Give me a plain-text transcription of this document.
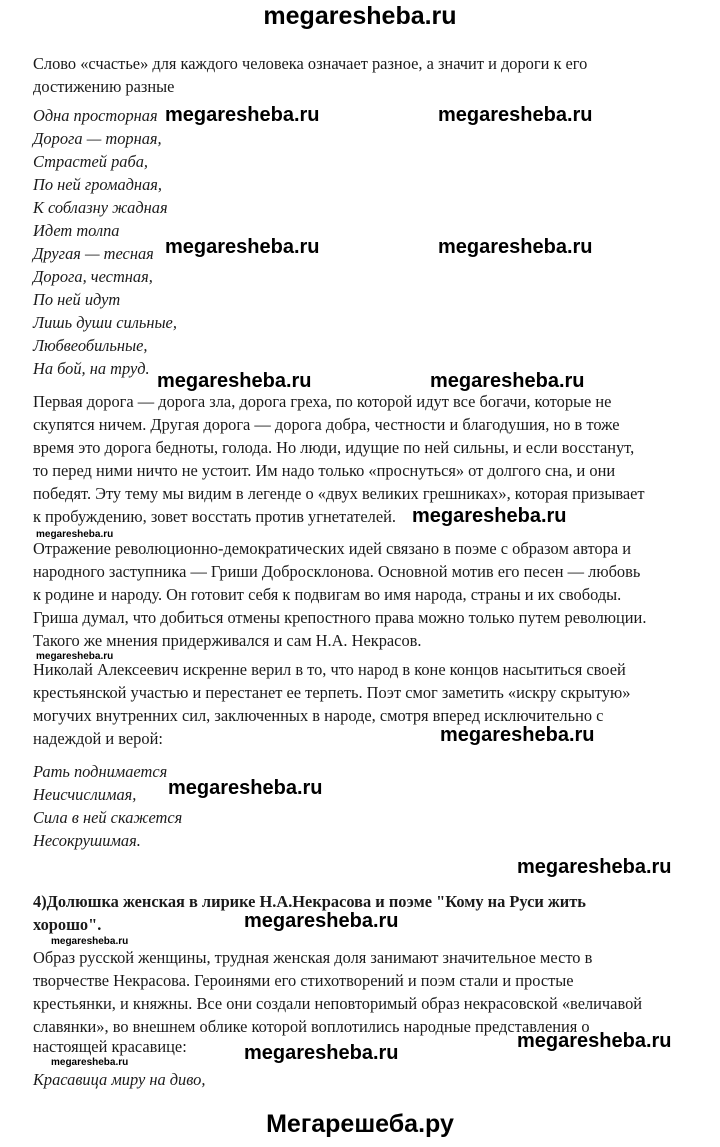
megaresheba.ru
Слово «счастье» для каждого человека означает разное, а значит и дороги к его
достижению разные
Одна просторная
Дорога — торная,
Страстей раба,
По ней громадная,
К соблазну жадная
Идет толпа
Другая — тесная
Дорога, честная,
По ней идут
Лишь души сильные,
Любвеобильные,
На бой, на труд.
Первая дорога — дорога зла, дорога греха, по которой идут все богачи, которые не
скупятся ничем. Другая дорога — дорога добра, честности и благодушия, но в тоже
время это дорога бедноты, голода. Но люди, идущие по ней сильны, и если восстанут,
то перед ними ничто не устоит. Им надо только «проснуться» от долгого сна, и они
победят. Эту тему мы видим в легенде о «двух великих грешниках», которая призывает
к пробуждению, зовет восстать против угнетателей.
Отражение революционно-демократических идей связано в поэме с образом автора и
народного заступника — Гриши Добросклонова. Основной мотив его песен — любовь
к родине и народу. Он готовит себя к подвигам во имя народа, страны и их свободы.
Гриша думал, что добиться отмены крепостного права можно только путем революции.
Такого же мнения придерживался и сам Н.А. Некрасов.
Николай Алексеевич искренне верил в то, что народ в коне концов насытиться своей
крестьянской участью и перестанет ее терпеть. Поэт смог заметить «искру скрытую»
могучих внутренних сил, заключенных в народе, смотря вперед исключительно с
надеждой и верой:
Рать поднимается
Неисчислимая,
Сила в ней скажется
Несокрушимая.
4)Долюшка женская в лирике Н.А.Некрасова и поэме "Кому на Руси жить
хорошо".
Образ русской женщины, трудная женская доля занимают значительное место в
творчестве Некрасова. Героинями его стихотворений и поэм стали и простые
крестьянки, и княжны. Все они создали неповторимый образ некрасовской «величавой
славянки», во внешнем облике которой воплотились народные представления о
настоящей красавице:
Красавица миру на диво,
megaresheba.ru	megaresheba.ru
megaresheba.ru	megaresheba.ru
megaresheba.ru	megaresheba.ru
megaresheba.ru
megaresheba.ru
megaresheba.ru
megaresheba.ru
megaresheba.ru
megaresheba.ru
megaresheba.ru
megaresheba.ru
megaresheba.ru
megaresheba.ru
megaresheba.ru
Мегарешеба.ру
